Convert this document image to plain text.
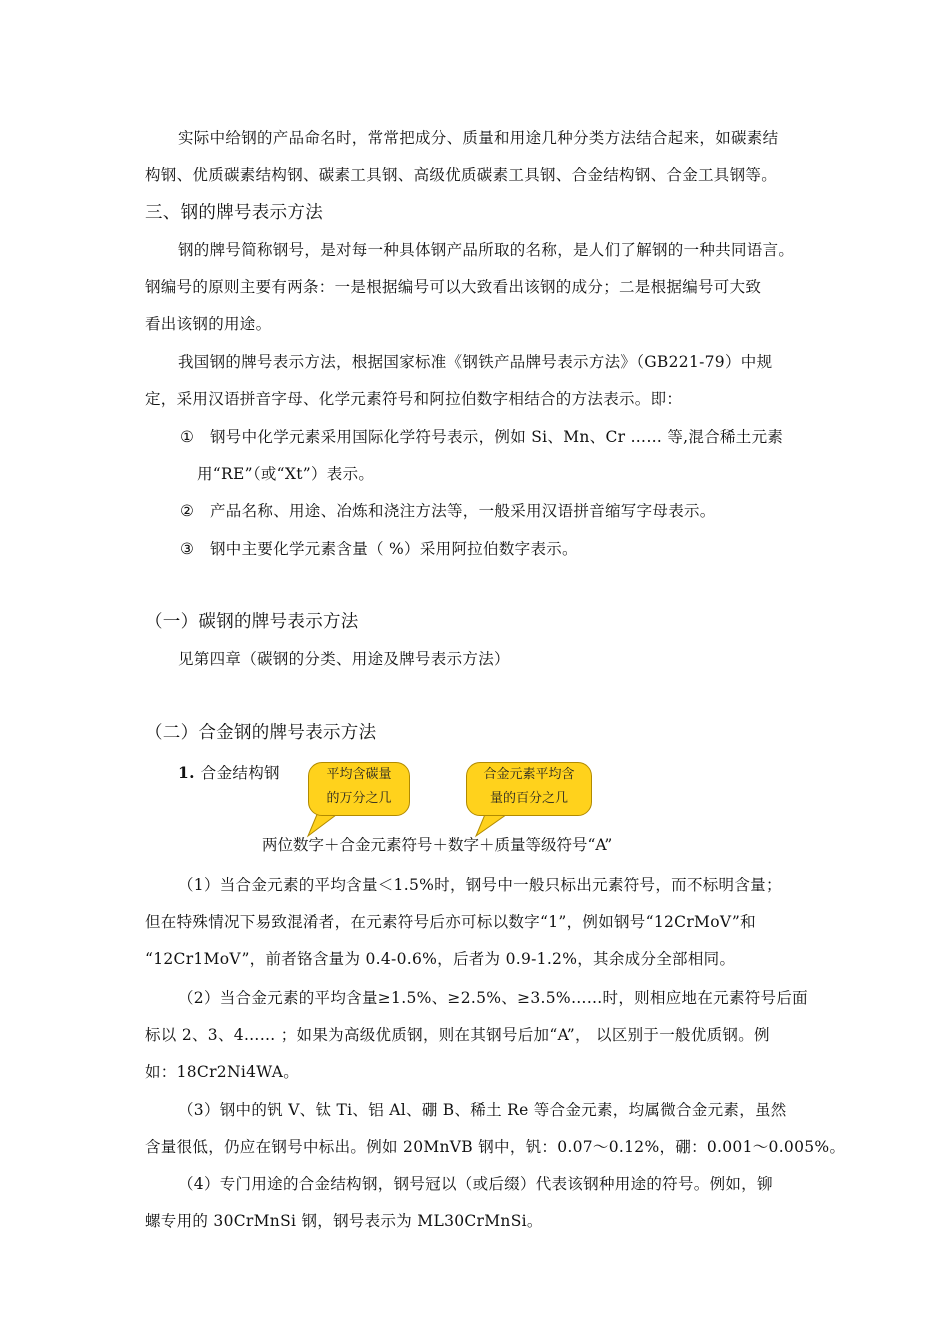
实际中给钢的产品命名时，常常把成分、质量和用途几种分类方法结合起来，如碳素结
构钢、优质碳素结构钢、碳素工具钢、高级优质碳素工具钢、合金结构钢、合金工具钢等。
三、钢的牌号表示方法
钢的牌号简称钢号，是对每一种具体钢产品所取的名称，是人们了解钢的一种共同语言。
钢编号的原则主要有两条：一是根据编号可以大致看出该钢的成分；二是根据编号可大致
看出该钢的用途。
我国钢的牌号表示方法，根据国家标准《钢铁产品牌号表示方法》（GB221-79）中规
定，采用汉语拼音字母、化学元素符号和阿拉伯数字相结合的方法表示。即：
① 钢号中化学元素采用国际化学符号表示，例如 Si、Mn、Cr …… 等,混合稀土元素
用“RE”（或“Xt”）表示。
② 产品名称、用途、冶炼和浇注方法等，一般采用汉语拼音缩写字母表示。
③ 钢中主要化学元素含量（ %）采用阿拉伯数字表示。
（一）碳钢的牌号表示方法
见第四章（碳钢的分类、用途及牌号表示方法）
（二）合金钢的牌号表示方法
1. 合金结构钢	平均含碳量
的万分之几
合金元素平均含
量的百分之几
两位数字＋合金元素符号＋数字＋质量等级符号“A”
（1）当合金元素的平均含量＜1.5%时，钢号中一般只标出元素符号，而不标明含量；
但在特殊情况下易致混淆者，在元素符号后亦可标以数字“1”，例如钢号“12CrMoV”和
“12Cr1MoV”，前者铬含量为 0.4-0.6%，后者为 0.9-1.2%，其余成分全部相同。
（2）当合金元素的平均含量≥1.5%、≥2.5%、≥3.5%……时，则相应地在元素符号后面
标以 2、3、4…… ；如果为高级优质钢，则在其钢号后加“A”， 以区别于一般优质钢。例
如：18Cr2Ni4WA。
（3）钢中的钒 V、钛 Ti、铝 Al、硼 B、稀土 Re 等合金元素，均属微合金元素，虽然
含量很低，仍应在钢号中标出。例如 20MnVB 钢中，钒：0.07～0.12%，硼：0.001～0.005%。
（4）专门用途的合金结构钢，钢号冠以（或后缀）代表该钢种用途的符号。例如，铆
螺专用的 30CrMnSi 钢，钢号表示为 ML30CrMnSi。
